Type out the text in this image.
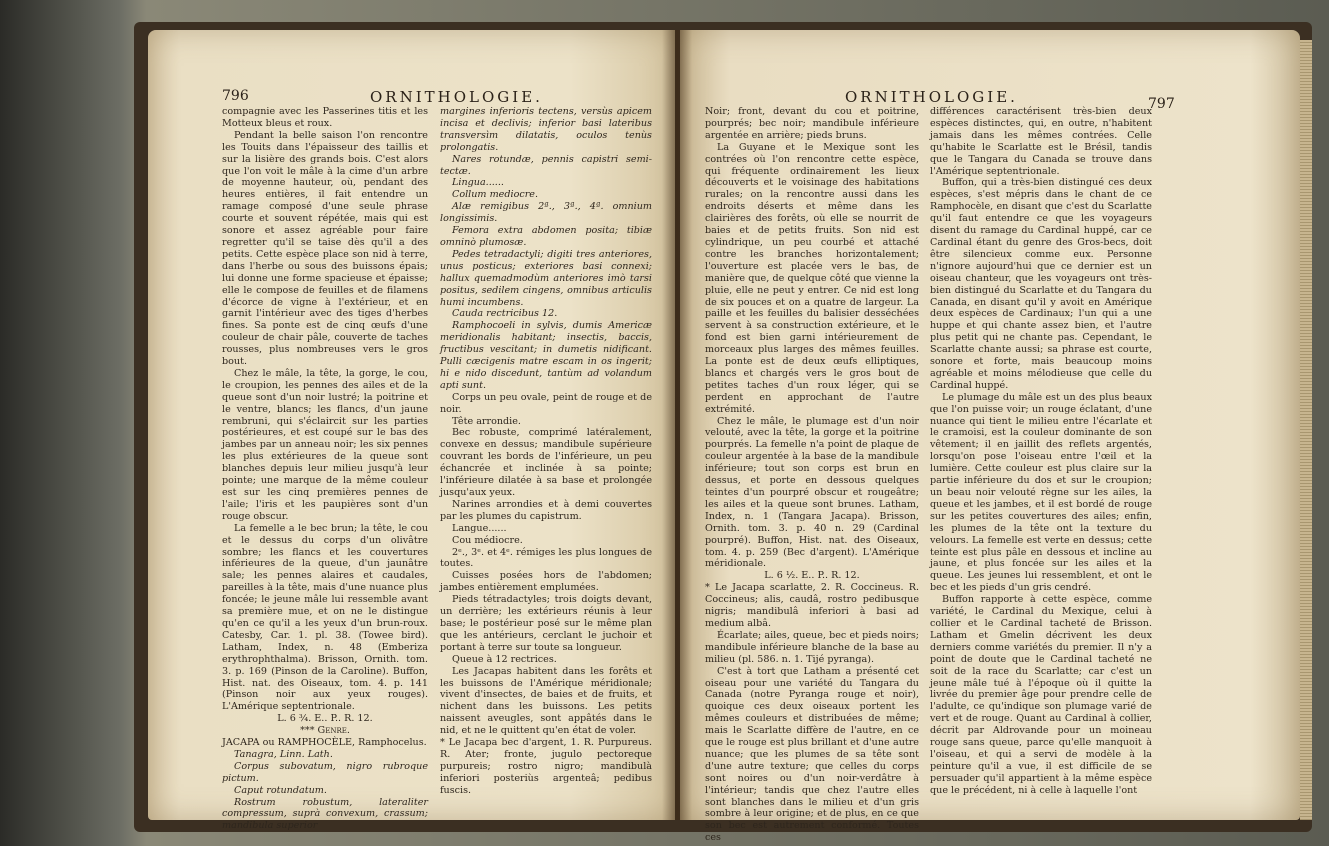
796	ORNITHOLOGIE.	ORNITHOLOGIE.	797

compagnie avec les Passerines titis et les Motteux bleus et roux.

Pendant la belle saison l'on rencontre les Touits dans l'épaisseur des taillis et sur la lisière des grands bois. C'est alors que l'on voit le mâle à la cime d'un arbre de moyenne hauteur, où, pendant des heures entières, il fait entendre un ramage composé d'une seule phrase courte et souvent répétée, mais qui est sonore et assez agréable pour faire regretter qu'il se taise dès qu'il a des petits. Cette espèce place son nid à terre, dans l'herbe ou sous des buissons épais; lui donne une forme spacieuse et épaisse; elle le compose de feuilles et de filamens d'écorce de vigne à l'extérieur, et en garnit l'intérieur avec des tiges d'herbes fines. Sa ponte est de cinq œufs d'une couleur de chair pâle, couverte de taches rousses, plus nombreuses vers le gros bout.

Chez le mâle, la tête, la gorge, le cou, le croupion, les pennes des ailes et de la queue sont d'un noir lustré; la poitrine et le ventre, blancs; les flancs, d'un jaune rembruni, qui s'éclaircit sur les parties postérieures, et est coupé sur le bas des jambes par un anneau noir; les six pennes les plus extérieures de la queue sont blanches depuis leur milieu jusqu'à leur pointe; une marque de la même couleur est sur les cinq premières pennes de l'aile; l'iris et les paupières sont d'un rouge obscur.

La femelle a le bec brun; la tête, le cou et le dessus du corps d'un olivâtre sombre; les flancs et les couvertures inférieures de la queue, d'un jaunâtre sale; les pennes alaires et caudales, pareilles à la tête, mais d'une nuance plus foncée; le jeune mâle lui ressemble avant sa première mue, et on ne le distingue qu'en ce qu'il a les yeux d'un brun-roux. Catesby, Car. 1. pl. 38. (Towee bird). Latham, Index, n. 48 (Emberiza erythrophthalma). Brisson, Ornith. tom. 3. p. 169 (Pinson de la Caroline). Buffon, Hist. nat. des Oiseaux, tom. 4. p. 141 (Pinson noir aux yeux rouges). L'Amérique septentrionale.

L. 6 ¾. E.. P.. R. 12.

*** Genre.

JACAPA ou RAMPHOCÈLE, Ramphocelus.

Tanagra, Linn. Lath.

Corpus subovatum, nigro rubroque pictum.

Caput rotundatum.

Rostrum robustum, lateraliter compressum, suprà convexum, crassum; mandibula superior

margines inferioris tectens, versùs apicem incisa et declivis; inferior basi lateribus transversìm dilatatis, oculos tenùs prolongatis.

Nares rotundæ, pennis capistri semi-tectæ.

Lingua......

Collum mediocre.

Alæ remigibus 2ª., 3ª., 4ª. omnium longissimis.

Femora extra abdomen posita; tibiæ omninò plumosæ.

Pedes tetradactyli; digiti tres anteriores, unus posticus; exteriores basi connexi; hallux quemadmodùm anteriores imò tarsi positus, sedilem cingens, omnibus articulis humi incumbens.

Cauda rectricibus 12.

Ramphocoeli in sylvis, dumis Americæ meridionalis habitant; insectis, baccis, fructibus vescitant; in dumetis nidificant. Pulli cæcigenis matre escam in os ingerit; hi e nido discedunt, tantùm ad volandum apti sunt.

Corps un peu ovale, peint de rouge et de noir.

Tête arrondie.

Bec robuste, comprimé latéralement, convexe en dessus; mandibule supérieure couvrant les bords de l'inférieure, un peu échancrée et inclinée à sa pointe; l'inférieure dilatée à sa base et prolongée jusqu'aux yeux.

Narines arrondies et à demi couvertes par les plumes du capistrum.

Langue......

Cou médiocre.

2ᵉ., 3ᵉ. et 4ᵉ. rémiges les plus longues de toutes.

Cuisses posées hors de l'abdomen; jambes entièrement emplumées.

Pieds tétradactyles; trois doigts devant, un derrière; les extérieurs réunis à leur base; le postérieur posé sur le même plan que les antérieurs, cerclant le juchoir et portant à terre sur toute sa longueur.

Queue à 12 rectrices.

Les Jacapas habitent dans les forêts et les buissons de l'Amérique méridionale; vivent d'insectes, de baies et de fruits, et nichent dans les buissons. Les petits naissent aveugles, sont appâtés dans le nid, et ne le quittent qu'en état de voler.

* Le Jacapa bec d'argent, 1. R. Purpureus. R. Ater; fronte, jugulo pectoreque purpureis; rostro nigro; mandibulà inferiori posteriùs argenteâ; pedibus fuscis.

Noir; front, devant du cou et poitrine, pourprés; bec noir; mandibule inférieure argentée en arrière; pieds bruns.

La Guyane et le Mexique sont les contrées où l'on rencontre cette espèce, qui fréquente ordinairement les lieux découverts et le voisinage des habitations rurales; on la rencontre aussi dans les endroits déserts et même dans les clairières des forêts, où elle se nourrit de baies et de petits fruits. Son nid est cylindrique, un peu courbé et attaché contre les branches horizontalement; l'ouverture est placée vers le bas, de manière que, de quelque côté que vienne la pluie, elle ne peut y entrer. Ce nid est long de six pouces et on a quatre de largeur. La paille et les feuilles du balisier desséchées servent à sa construction extérieure, et le fond est bien garni intérieurement de morceaux plus larges des mêmes feuilles. La ponte est de deux œufs elliptiques, blancs et chargés vers le gros bout de petites taches d'un roux léger, qui se perdent en approchant de l'autre extrémité.

Chez le mâle, le plumage est d'un noir velouté, avec la tête, la gorge et la poitrine pourprés. La femelle n'a point de plaque de couleur argentée à la base de la mandibule inférieure; tout son corps est brun en dessus, et porte en dessous quelques teintes d'un pourpré obscur et rougeâtre; les ailes et la queue sont brunes. Latham, Index, n. 1 (Tangara Jacapa). Brisson, Ornith. tom. 3. p. 40 n. 29 (Cardinal pourpré). Buffon, Hist. nat. des Oiseaux, tom. 4. p. 259 (Bec d'argent). L'Amérique méridionale.

L. 6 ½. E.. P.. R. 12.

* Le Jacapa scarlatte, 2. R. Coccineus. R. Coccineus; alis, caudâ, rostro pedibusque nigris; mandibulâ inferiori à basi ad medium albâ.

Écarlate; ailes, queue, bec et pieds noirs; mandibule inférieure blanche de la base au milieu (pl. 586. n. 1. Tijé pyranga).

C'est à tort que Latham a présenté cet oiseau pour une variété du Tangara du Canada (notre Pyranga rouge et noir), quoique ces deux oiseaux portent les mêmes couleurs et distribuées de même; mais le Scarlatte diffère de l'autre, en ce que le rouge est plus brillant et d'une autre nuance; que les plumes de sa tête sont d'une autre texture; que celles du corps sont noires ou d'un noir-verdâtre à l'intérieur; tandis que chez l'autre elles sont blanches dans le milieu et d'un gris sombre à leur origine; et de plus, en ce que son bec est autrement conformé. Toutes ces

différences caractérisent très-bien deux espèces distinctes, qui, en outre, n'habitent jamais dans les mêmes contrées. Celle qu'habite le Scarlatte est le Brésil, tandis que le Tangara du Canada se trouve dans l'Amérique septentrionale.

Buffon, qui a très-bien distingué ces deux espèces, s'est mépris dans le chant de ce Ramphocèle, en disant que c'est du Scarlatte qu'il faut entendre ce que les voyageurs disent du ramage du Cardinal huppé, car ce Cardinal étant du genre des Gros-becs, doit être silencieux comme eux. Personne n'ignore aujourd'hui que ce dernier est un oiseau chanteur, que les voyageurs ont très-bien distingué du Scarlatte et du Tangara du Canada, en disant qu'il y avoit en Amérique deux espèces de Cardinaux; l'un qui a une huppe et qui chante assez bien, et l'autre plus petit qui ne chante pas. Cependant, le Scarlatte chante aussi; sa phrase est courte, sonore et forte, mais beaucoup moins agréable et moins mélodieuse que celle du Cardinal huppé.

Le plumage du mâle est un des plus beaux que l'on puisse voir; un rouge éclatant, d'une nuance qui tient le milieu entre l'écarlate et le cramoisi, est la couleur dominante de son vêtement; il en jaillit des reflets argentés, lorsqu'on pose l'oiseau entre l'œil et la lumière. Cette couleur est plus claire sur la partie inférieure du dos et sur le croupion; un beau noir velouté règne sur les ailes, la queue et les jambes, et il est bordé de rouge sur les petites couvertures des ailes; enfin, les plumes de la tête ont la texture du velours. La femelle est verte en dessus; cette teinte est plus pâle en dessous et incline au jaune, et plus foncée sur les ailes et la queue. Les jeunes lui ressemblent, et ont le bec et les pieds d'un gris cendré.

Buffon rapporte à cette espèce, comme variété, le Cardinal du Mexique, celui à collier et le Cardinal tacheté de Brisson. Latham et Gmelin décrivent les deux derniers comme variétés du premier. Il n'y a point de doute que le Cardinal tacheté ne soit de la race du Scarlatte; car c'est un jeune mâle tué à l'époque où il quitte la livrée du premier âge pour prendre celle de l'adulte, ce qu'indique son plumage varié de vert et de rouge. Quant au Cardinal à collier, décrit par Aldrovande pour un moineau rouge sans queue, parce qu'elle manquoit à l'oiseau, et qui a servi de modèle à la peinture qu'il a vue, il est difficile de se persuader qu'il appartient à la même espèce que le précédent, ni à celle à laquelle l'ont
